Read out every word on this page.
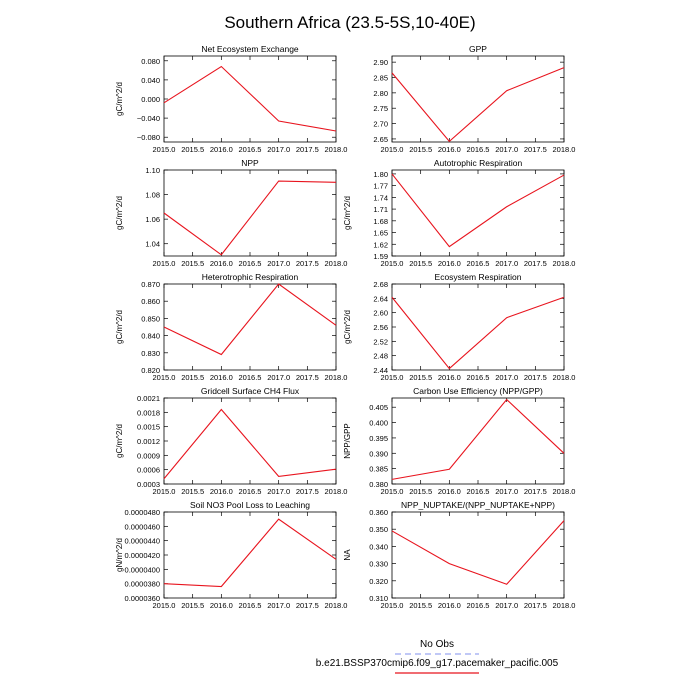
Southern Africa (23.5-5S,10-40E)
Net Ecosystem Exchange
2015.0 2015.5 2016.0 2016.5 2017.0 2017.5 2018.0
−0.080
−0.040
0.000
0.040
0.080
gC/m^2/d
GPP
2015.0 2015.5 2016.0 2016.5 2017.0 2017.5 2018.0
2.65
2.70
2.75
2.80
2.85
2.90
NPP
2015.0 2015.5 2016.0 2016.5 2017.0 2017.5 2018.0
1.04
1.06
1.08
1.10
gC/m^2/d
Autotrophic Respiration
2015.0 2015.5 2016.0 2016.5 2017.0 2017.5 2018.0
1.59
1.62
1.65
1.68
1.71
1.74
1.77
1.80
gC/m^2/d
Heterotrophic Respiration
2015.0 2015.5 2016.0 2016.5 2017.0 2017.5 2018.0
0.820
0.830
0.840
0.850
0.860
0.870
gC/m^2/d
Ecosystem Respiration
2015.0 2015.5 2016.0 2016.5 2017.0 2017.5 2018.0
2.44
2.48
2.52
2.56
2.60
2.64
2.68
gC/m^2/d
Gridcell Surface CH4 Flux
2015.0 2015.5 2016.0 2016.5 2017.0 2017.5 2018.0
0.0003
0.0006
0.0009
0.0012
0.0015
0.0018
0.0021
gC/m^2/d
Carbon Use Efficiency (NPP/GPP)
2015.0 2015.5 2016.0 2016.5 2017.0 2017.5 2018.0
0.380
0.385
0.390
0.395
0.400
0.405
NPP/GPP
Soil NO3 Pool Loss to Leaching
2015.0 2015.5 2016.0 2016.5 2017.0 2017.5 2018.0
0.0000360
0.0000380
0.0000400
0.0000420
0.0000440
0.0000460
0.0000480
gN/m^2/d
NPP_NUPTAKE/(NPP_NUPTAKE+NPP)
2015.0 2015.5 2016.0 2016.5 2017.0 2017.5 2018.0
0.310
0.320
0.330
0.340
0.350
0.360
NA
No Obs
b.e21.BSSP370cmip6.f09_g17.pacemaker_pacific.005
